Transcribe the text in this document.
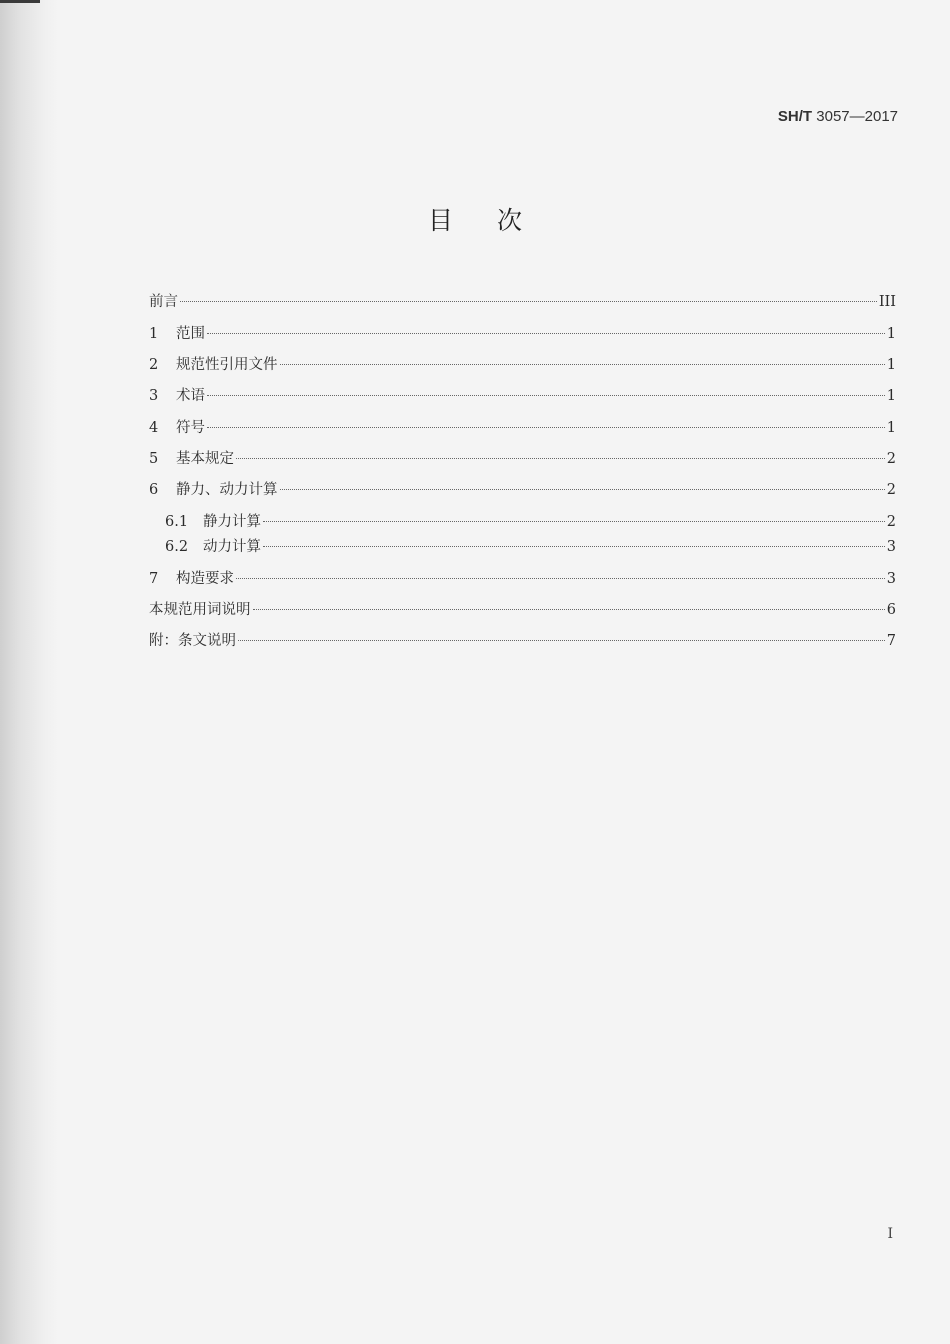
SH/T 3057—2017
目次
前言	III
1	范围	1
2	规范性引用文件	1
3	术语	1
4	符号	1
5	基本规定	2
6	静力、动力计算	2
6.1	静力计算	2
6.2	动力计算	3
7	构造要求	3
本规范用词说明	6
附：条文说明	7
I
